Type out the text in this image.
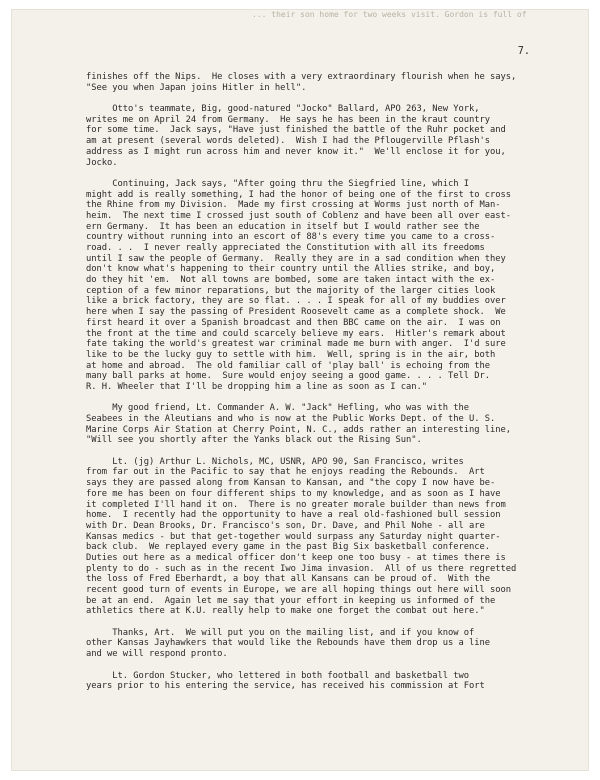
... their son home for two weeks visit. Gordon is full of
7.
finishes off the Nips.  He closes with a very extraordinary flourish when he says,
"See you when Japan joins Hitler in hell".
Otto's teammate, Big, good-natured "Jocko" Ballard, APO 263, New York,
writes me on April 24 from Germany.  He says he has been in the kraut country
for some time.  Jack says, "Have just finished the battle of the Ruhr pocket and
am at present (several words deleted).  Wish I had the Pflougerville Pflash's
address as I might run across him and never know it."  We'll enclose it for you,
Jocko.
Continuing, Jack says, "After going thru the Siegfried line, which I
might add is really something, I had the honor of being one of the first to cross
the Rhine from my Division.  Made my first crossing at Worms just north of Man-
heim.  The next time I crossed just south of Coblenz and have been all over east-
ern Germany.  It has been an education in itself but I would rather see the
country without running into an escort of 88's every time you came to a cross-
road. . .  I never really appreciated the Constitution with all its freedoms
until I saw the people of Germany.  Really they are in a sad condition when they
don't know what's happening to their country until the Allies strike, and boy,
do they hit 'em.  Not all towns are bombed, some are taken intact with the ex-
ception of a few minor reparations, but the majority of the larger cities look
like a brick factory, they are so flat. . . . I speak for all of my buddies over
here when I say the passing of President Roosevelt came as a complete shock.  We
first heard it over a Spanish broadcast and then BBC came on the air.  I was on
the front at the time and could scarcely believe my ears.  Hitler's remark about
fate taking the world's greatest war criminal made me burn with anger.  I'd sure
like to be the lucky guy to settle with him.  Well, spring is in the air, both
at home and abroad.  The old familiar call of 'play ball' is echoing from the
many ball parks at home.  Sure would enjoy seeing a good game. . . . Tell Dr.
R. H. Wheeler that I'll be dropping him a line as soon as I can."
My good friend, Lt. Commander A. W. "Jack" Hefling, who was with the
Seabees in the Aleutians and who is now at the Public Works Dept. of the U. S.
Marine Corps Air Station at Cherry Point, N. C., adds rather an interesting line,
"Will see you shortly after the Yanks black out the Rising Sun".
Lt. (jg) Arthur L. Nichols, MC, USNR, APO 90, San Francisco, writes
from far out in the Pacific to say that he enjoys reading the Rebounds.  Art
says they are passed along from Kansan to Kansan, and "the copy I now have be-
fore me has been on four different ships to my knowledge, and as soon as I have
it completed I'll hand it on.  There is no greater morale builder than news from
home.  I recently had the opportunity to have a real old-fashioned bull session
with Dr. Dean Brooks, Dr. Francisco's son, Dr. Dave, and Phil Nohe - all are
Kansas medics - but that get-together would surpass any Saturday night quarter-
back club.  We replayed every game in the past Big Six basketball conference.
Duties out here as a medical officer don't keep one too busy - at times there is
plenty to do - such as in the recent Iwo Jima invasion.  All of us there regretted
the loss of Fred Eberhardt, a boy that all Kansans can be proud of.  With the
recent good turn of events in Europe, we are all hoping things out here will soon
be at an end.  Again let me say that your effort in keeping us informed of the
athletics there at K.U. really help to make one forget the combat out here."
Thanks, Art.  We will put you on the mailing list, and if you know of
other Kansas Jayhawkers that would like the Rebounds have them drop us a line
and we will respond pronto.
Lt. Gordon Stucker, who lettered in both football and basketball two
years prior to his entering the service, has received his commission at Fort
